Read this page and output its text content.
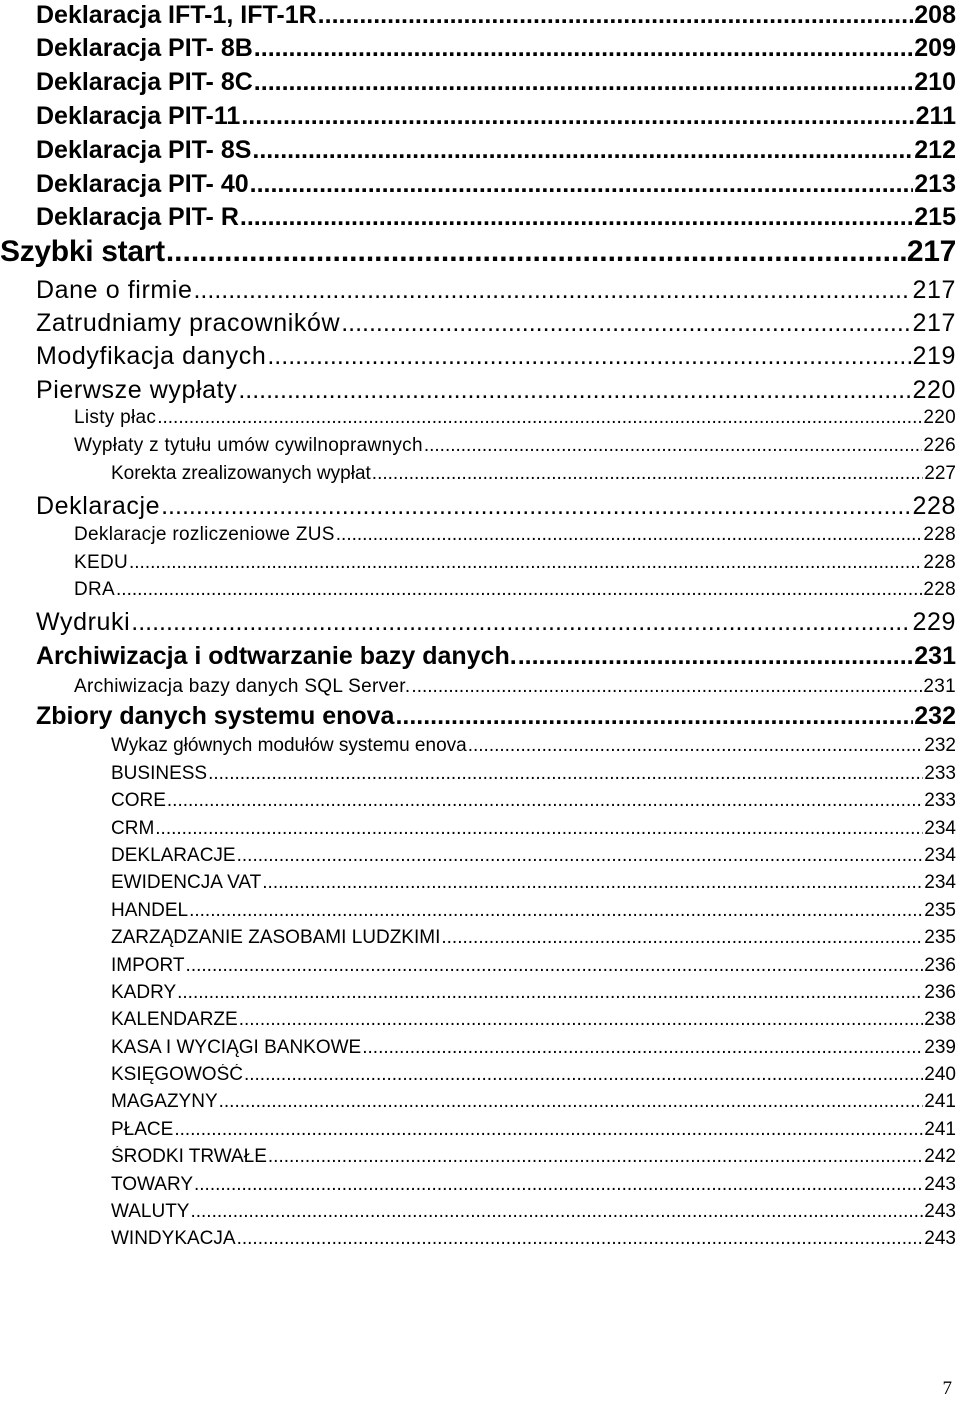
Deklaracja IFT-1, IFT-1R .....	208
Deklaracja PIT- 8B .....	209
Deklaracja PIT- 8C .....	210
Deklaracja PIT-11 .....	211
Deklaracja PIT- 8S .....	212
Deklaracja PIT- 40 .....	213
Deklaracja PIT- R .....	215
Szybki start .....	217
Dane o firmie .....	217
Zatrudniamy pracowników .....	217
Modyfikacja danych .....	219
Pierwsze wypłaty .....	220
Listy płac .....	220
Wypłaty z tytułu umów cywilnoprawnych .....	226
Korekta zrealizowanych wypłat .....	227
Deklaracje .....	228
Deklaracje rozliczeniowe ZUS .....	228
KEDU .....	228
DRA .....	228
Wydruki .....	229
Archiwizacja i odtwarzanie bazy danych. .....	231
Archiwizacja bazy danych SQL Server. .....	231
Zbiory danych systemu enova .....	232
Wykaz głównych modułów systemu enova .....	232
BUSINESS .....	233
CORE .....	233
CRM .....	234
DEKLARACJE .....	234
EWIDENCJA VAT .....	234
HANDEL .....	235
ZARZĄDZANIE ZASOBAMI LUDZKIMI .....	235
IMPORT .....	236
KADRY .....	236
KALENDARZE .....	238
KASA I WYCIĄGI BANKOWE .....	239
KSIĘGOWOŚĆ .....	240
MAGAZYNY .....	241
PŁACE .....	241
ŚRODKI TRWAŁE .....	242
TOWARY .....	243
WALUTY .....	243
WINDYKACJA .....	243
7
